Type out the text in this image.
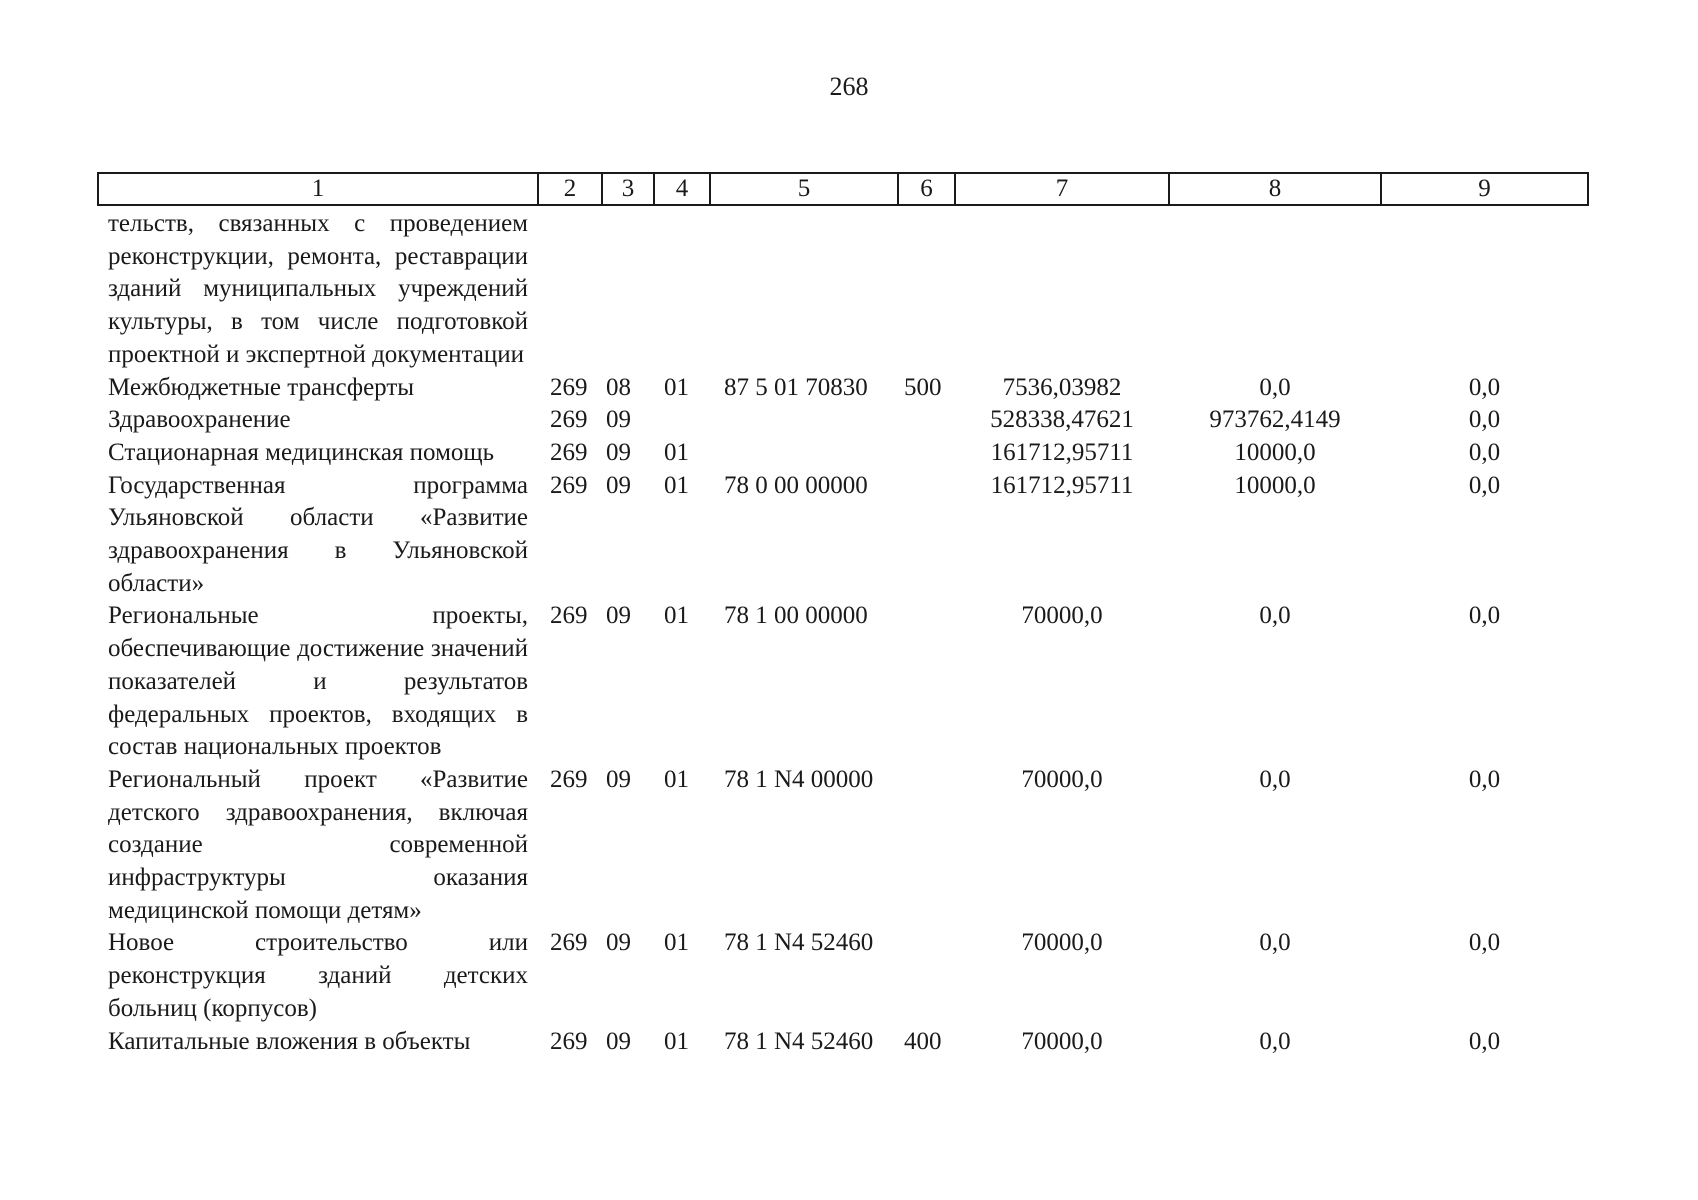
268
1	2	3	4	5	6	7	8	9
тельств, связанных с проведением реконструкции, ремонта, реставрации зданий муниципальных учреждений культуры, в том числе подготовкой проектной и экспертной документации								
Межбюджетные трансферты	269	08	01	87 5 01 70830	500	7536,03982	0,0	0,0
Здравоохранение	269	09				528338,47621	973762,4149	0,0
Стационарная медицинская помощь	269	09	01			161712,95711	10000,0	0,0
Государственная программа Ульяновской области «Развитие здравоохранения в Ульяновской области»	269	09	01	78 0 00 00000		161712,95711	10000,0	0,0
Региональные проекты, обеспечивающие достижение значений показателей и результатов федеральных проектов, входящих в состав национальных проектов	269	09	01	78 1 00 00000		70000,0	0,0	0,0
Региональный проект «Развитие детского здравоохранения, включая создание современной инфраструктуры оказания медицинской помощи детям»	269	09	01	78 1 N4 00000		70000,0	0,0	0,0
Новое строительство или реконструкция зданий детских больниц (корпусов)	269	09	01	78 1 N4 52460		70000,0	0,0	0,0
Капитальные вложения в объекты	269	09	01	78 1 N4 52460	400	70000,0	0,0	0,0
